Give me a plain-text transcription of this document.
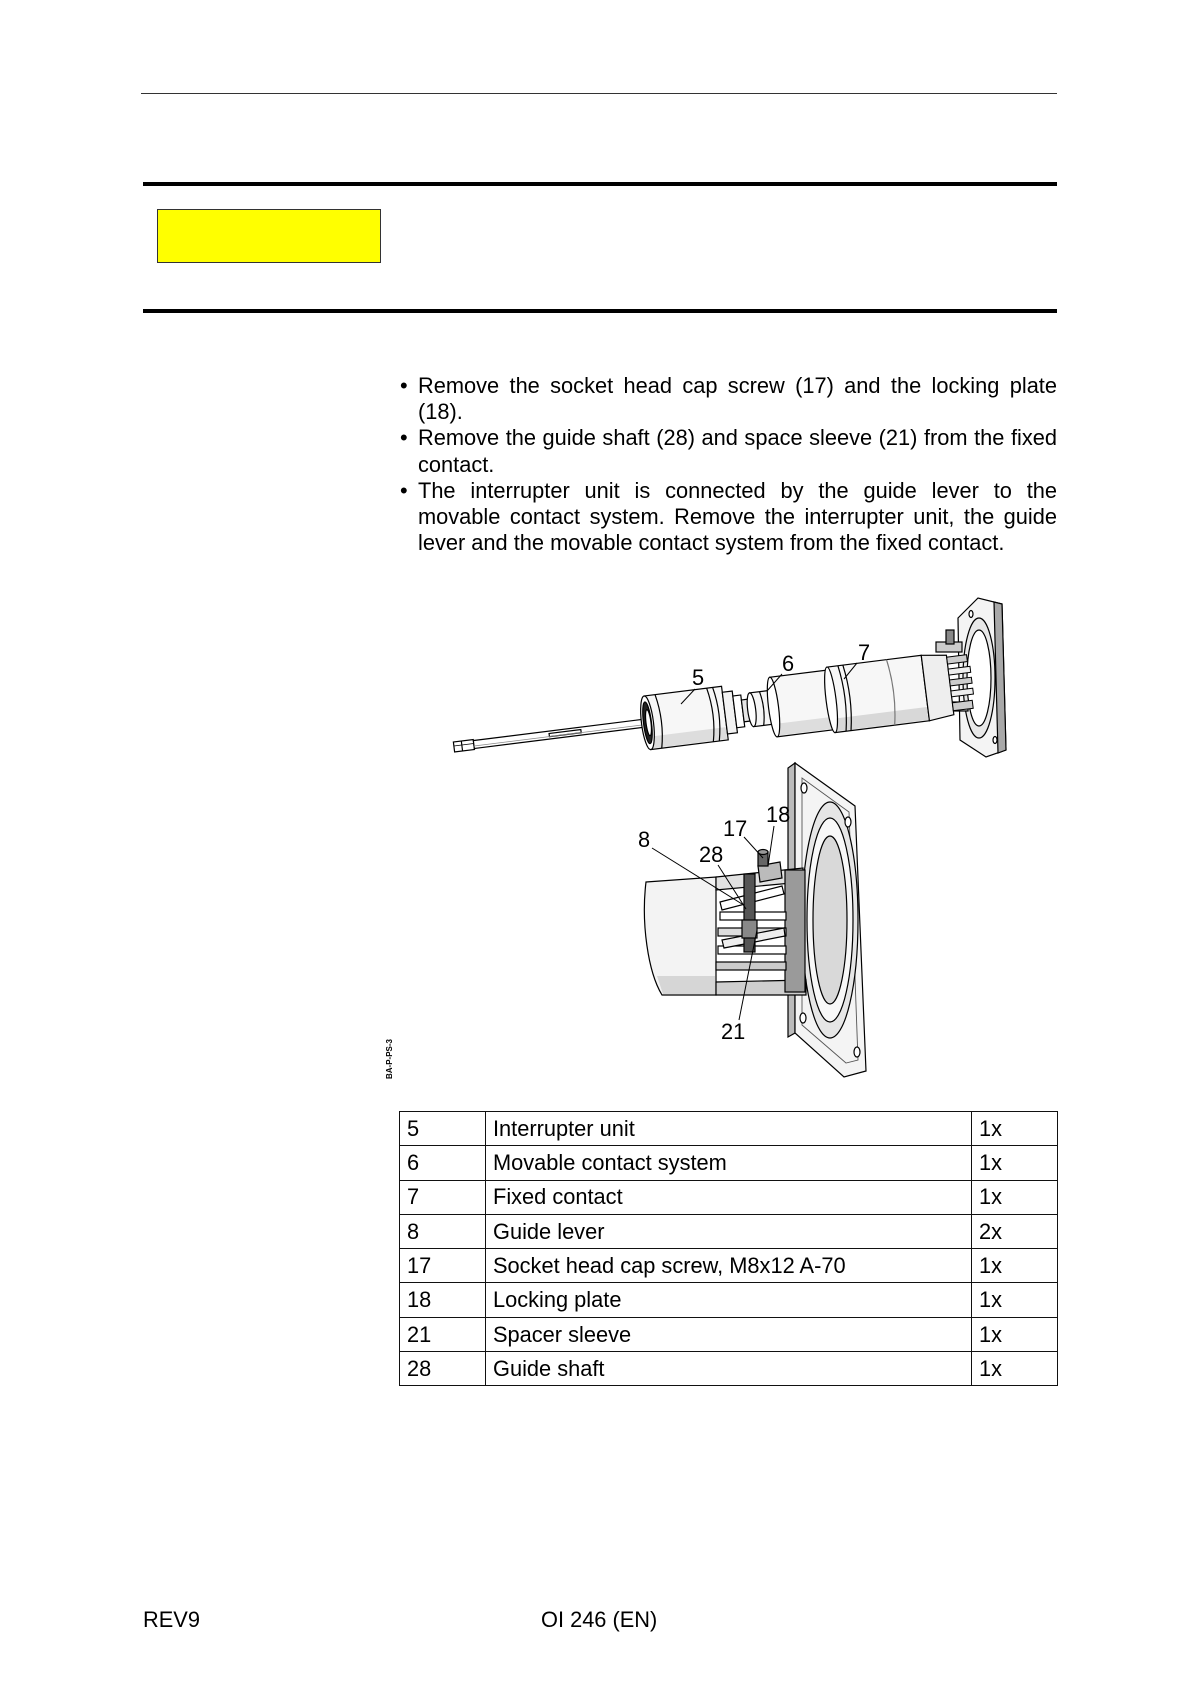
• Remove the socket head cap screw (17) and the locking plate
(18).
• Remove the guide shaft (28) and space sleeve (21) from the fixed
contact.
• The interrupter unit is connected by the guide lever to the
movable contact system. Remove the interrupter unit, the guide
lever and the movable contact system from the fixed contact.
5
6	7
8	17
18
28
21
BA-P-PS-3
5	Interrupter unit	1x
6	Movable contact system	1x
7	Fixed contact	1x
8	Guide lever	2x
17	Socket head cap screw, M8x12 A-70	1x
18	Locking plate	1x
21	Spacer sleeve	1x
28	Guide shaft	1x
REV9	OI 246 (EN)
